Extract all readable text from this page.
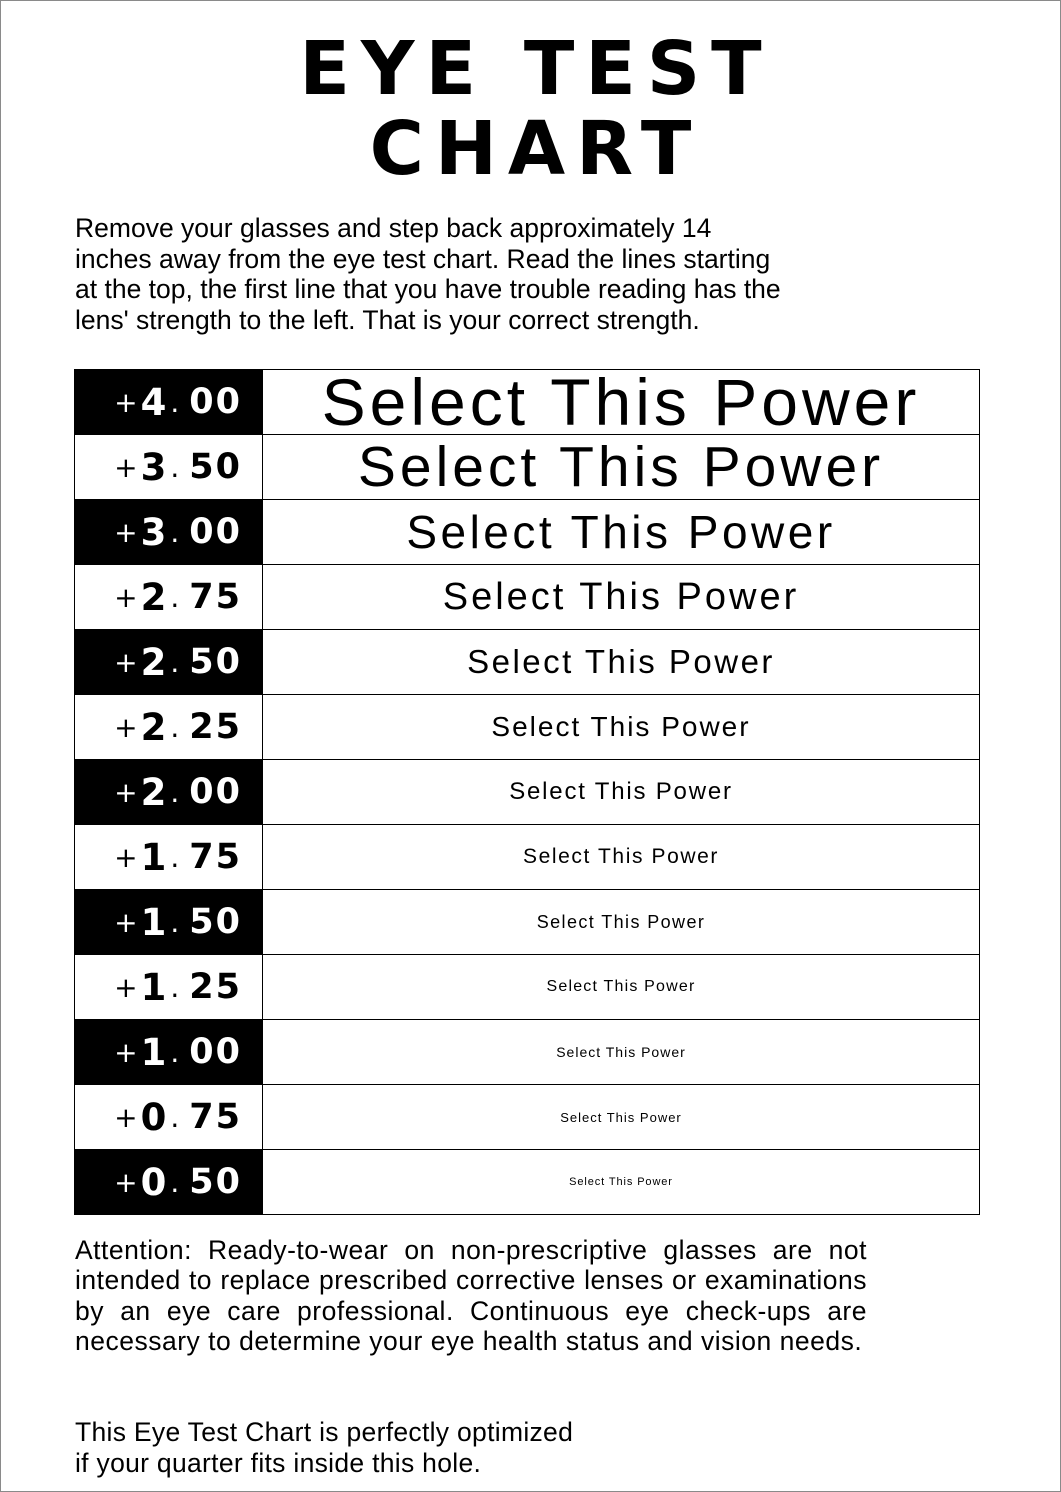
EYE TEST
CHART
Remove your glasses and step back approximately 14
inches away from the eye test chart. Read the lines starting
at the top, the first line that you have trouble reading has the
lens' strength to the left. That is your correct strength.
+ 4 . 00	Select This Power
+ 3 . 50	Select This Power
+ 3 . 00	Select This Power
+ 2 . 75	Select This Power
+ 2 . 50	Select This Power
+ 2 . 25	Select This Power
+ 2 . 00	Select This Power
+ 1 . 75	Select This Power
+ 1 . 50	Select This Power
+ 1 . 25	Select This Power
+ 1 . 00	Select This Power
+ 0 . 75	Select This Power
+ 0 . 50	Select This Power
Attention: Ready-to-wear on non-prescriptive glasses are not intended to replace prescribed corrective lenses or examinations by an eye care professional. Continuous eye check-ups are necessary to determine your eye health status and vision needs.
This Eye Test Chart is perfectly optimized
if your quarter fits inside this hole.
